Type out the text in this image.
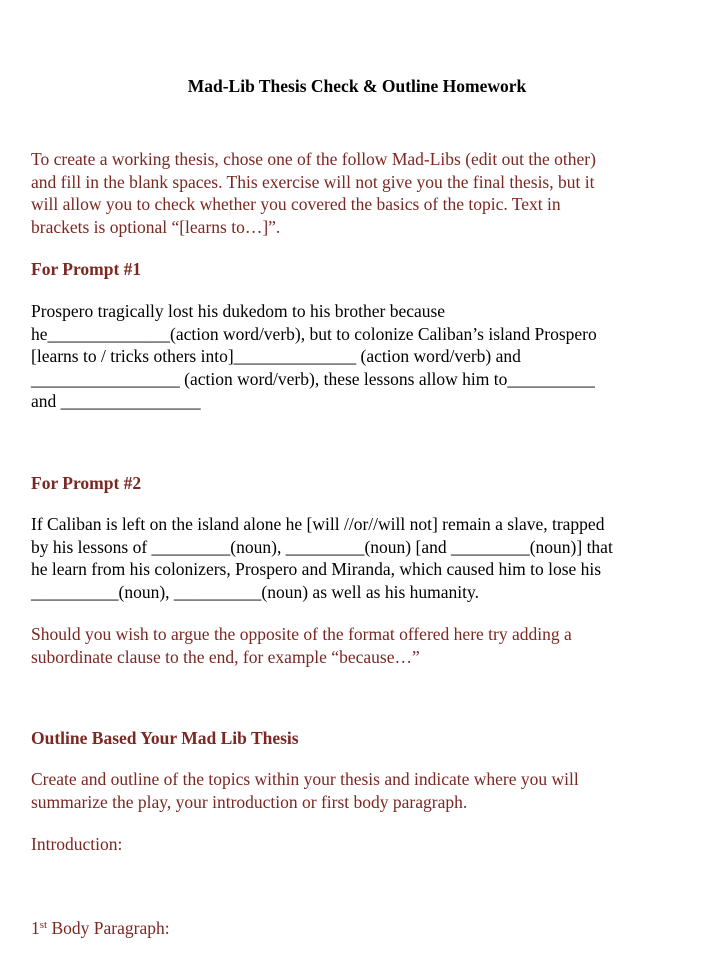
Mad-Lib Thesis Check & Outline Homework
To create a working thesis, chose one of the follow Mad-Libs (edit out the other)
and fill in the blank spaces. This exercise will not give you the final thesis, but it
will allow you to check whether you covered the basics of the topic. Text in
brackets is optional “[learns to…]”.
For Prompt #1
Prospero tragically lost his dukedom to his brother because
he______________(action word/verb), but to colonize Caliban’s island Prospero
[learns to / tricks others into]______________ (action word/verb) and
_________________ (action word/verb), these lessons allow him to__________
and ________________
For Prompt #2
If Caliban is left on the island alone he [will //or//will not] remain a slave, trapped
by his lessons of _________(noun), _________(noun) [and _________(noun)] that
he learn from his colonizers, Prospero and Miranda, which caused him to lose his
__________(noun), __________(noun) as well as his humanity.
Should you wish to argue the opposite of the format offered here try adding a
subordinate clause to the end, for example “because…”
Outline Based Your Mad Lib Thesis
Create and outline of the topics within your thesis and indicate where you will
summarize the play, your introduction or first body paragraph.
Introduction:
1st Body Paragraph:
